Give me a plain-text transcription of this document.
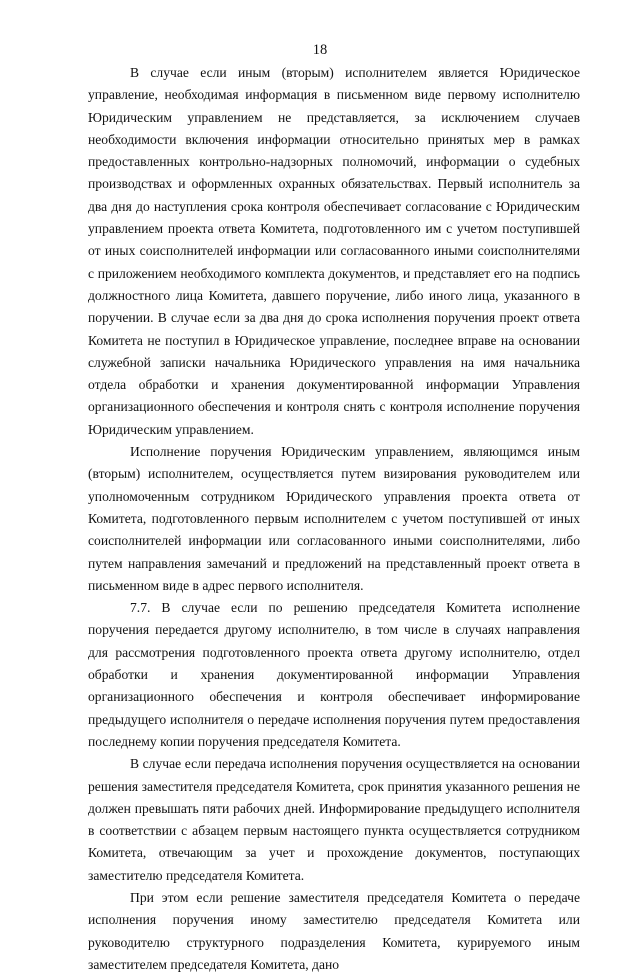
18

В случае если иным (вторым) исполнителем является Юридическое управление, необходимая информация в письменном виде первому исполнителю Юридическим управлением не представляется, за исключением случаев необходимости включения информации относительно принятых мер в рамках предоставленных контрольно-надзорных полномочий, информации о судебных производствах и оформленных охранных обязательствах. Первый исполнитель за два дня до наступления срока контроля обеспечивает согласование с Юридическим управлением проекта ответа Комитета, подготовленного им с учетом поступившей от иных соисполнителей информации или согласованного иными соисполнителями с приложением необходимого комплекта документов, и представляет его на подпись должностного лица Комитета, давшего поручение, либо иного лица, указанного в поручении. В случае если за два дня до срока исполнения поручения проект ответа Комитета не поступил в Юридическое управление, последнее вправе на основании служебной записки начальника Юридического управления на имя начальника отдела обработки и хранения документированной информации Управления организационного обеспечения и контроля снять с контроля исполнение поручения Юридическим управлением.

Исполнение поручения Юридическим управлением, являющимся иным (вторым) исполнителем, осуществляется путем визирования руководителем или уполномоченным сотрудником Юридического управления проекта ответа от Комитета, подготовленного первым исполнителем с учетом поступившей от иных соисполнителей информации или согласованного иными соисполнителями, либо путем направления замечаний и предложений на представленный проект ответа в письменном виде в адрес первого исполнителя.

7.7. В случае если по решению председателя Комитета исполнение поручения передается другому исполнителю, в том числе в случаях направления для рассмотрения подготовленного проекта ответа другому исполнителю, отдел обработки и хранения документированной информации Управления организационного обеспечения и контроля обеспечивает информирование предыдущего исполнителя о передаче исполнения поручения путем предоставления последнему копии поручения председателя Комитета.

В случае если передача исполнения поручения осуществляется на основании решения заместителя председателя Комитета, срок принятия указанного решения не должен превышать пяти рабочих дней. Информирование предыдущего исполнителя в соответствии с абзацем первым настоящего пункта осуществляется сотрудником Комитета, отвечающим за учет и прохождение документов, поступающих заместителю председателя Комитета.

При этом если решение заместителя председателя Комитета о передаче исполнения поручения иному заместителю председателя Комитета или руководителю структурного подразделения Комитета, курируемого иным заместителем председателя Комитета, дано
